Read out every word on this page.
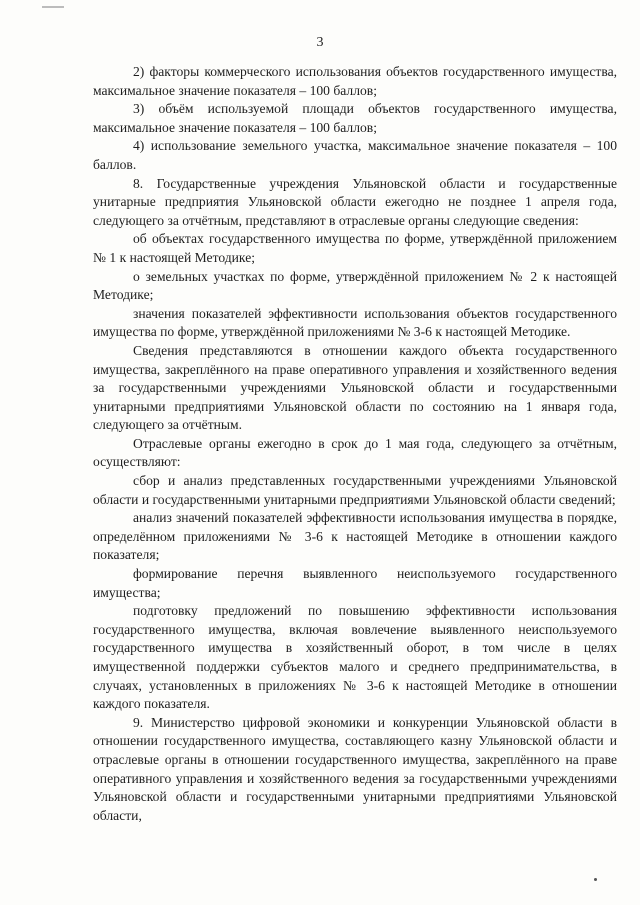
3

2) факторы коммерческого использования объектов государственного имущества, максимальное значение показателя – 100 баллов;

3) объём используемой площади объектов государственного имущества, максимальное значение показателя – 100 баллов;

4) использование земельного участка, максимальное значение показателя – 100 баллов.

8. Государственные учреждения Ульяновской области и государственные унитарные предприятия Ульяновской области ежегодно не позднее 1 апреля года, следующего за отчётным, представляют в отраслевые органы следующие сведения:

об объектах государственного имущества по форме, утверждённой приложением № 1 к настоящей Методике;

о земельных участках по форме, утверждённой приложением № 2 к настоящей Методике;

значения показателей эффективности использования объектов государственного имущества по форме, утверждённой приложениями № 3-6 к настоящей Методике.

Сведения представляются в отношении каждого объекта государственного имущества, закреплённого на праве оперативного управления и хозяйственного ведения за государственными учреждениями Ульяновской области и государственными унитарными предприятиями Ульяновской области по состоянию на 1 января года, следующего за отчётным.

Отраслевые органы ежегодно в срок до 1 мая года, следующего за отчётным, осуществляют:

сбор и анализ представленных государственными учреждениями Ульяновской области и государственными унитарными предприятиями Ульяновской области сведений;

анализ значений показателей эффективности использования имущества в порядке, определённом приложениями № 3-6 к настоящей Методике в отношении каждого показателя;

формирование перечня выявленного неиспользуемого государственного имущества;

подготовку предложений по повышению эффективности использования государственного имущества, включая вовлечение выявленного неиспользуемого государственного имущества в хозяйственный оборот, в том числе в целях имущественной поддержки субъектов малого и среднего предпринимательства, в случаях, установленных в приложениях № 3-6 к настоящей Методике в отношении каждого показателя.

9. Министерство цифровой экономики и конкуренции Ульяновской области в отношении государственного имущества, составляющего казну Ульяновской области и отраслевые органы в отношении государственного имущества, закреплённого на праве оперативного управления и хозяйственного ведения за государственными учреждениями Ульяновской области и государственными унитарными предприятиями Ульяновской области,
